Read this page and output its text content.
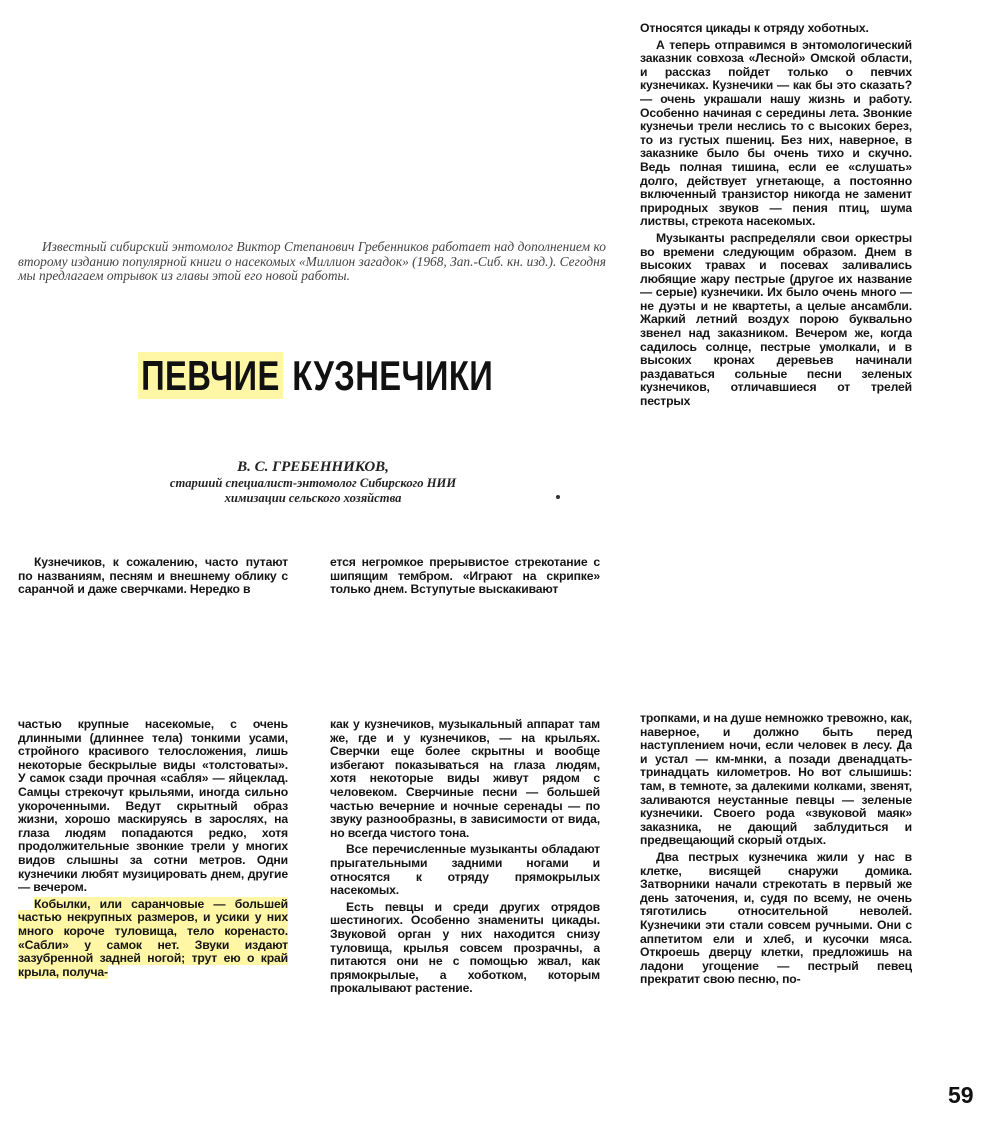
Известный сибирский энтомолог Виктор Степанович Гребенников работает над дополнением ко второму изданию популярной книги о насекомых «Миллион загадок» (1968, Зап.-Сиб. кн. изд.). Сегодня мы предлагаем отрывок из главы этой его новой работы.
ПЕВЧИЕ КУЗНЕЧИКИ
В. С. ГРЕБЕННИКОВ,
старший специалист-энтомолог Сибирского НИИ
химизации сельского хозяйства

Кузнечиков, к сожалению, часто путают по названиям, песням и внешнему облику с саранчой и даже сверчками. Нередко в

ется негромкое прерывистое стрекотание с шипящим тембром. «Играют на скрипке» только днем. Вступутые выскакивают

Относятся цикады к отряду хоботных.

А теперь отправимся в энтомологический заказник совхоза «Лесной» Омской области, и рассказ пойдет только о певчих кузнечиках. Кузнечики — как бы это сказать? — очень украшали нашу жизнь и работу. Особенно начиная с середины лета. Звонкие кузнечьи трели неслись то с высоких берез, то из густых пшениц. Без них, наверное, в заказнике было бы очень тихо и скучно. Ведь полная тишина, если ее «слушать» долго, действует угнетающе, а постоянно включенный транзистор никогда не заменит природных звуков — пения птиц, шума листвы, стрекота насекомых.

Музыканты распределяли свои оркестры во времени следующим образом. Днем в высоких травах и посевах заливались любящие жару пестрые (другое их название — серые) кузнечики. Их было очень много — не дуэты и не квартеты, а целые ансамбли. Жаркий летний воздух порою буквально звенел над заказником. Вечером же, когда садилось солнце, пестрые умолкали, и в высоких кронах деревьев начинали раздаваться сольные песни зеленых кузнечиков, отличавшиеся от трелей пестрых

частью крупные насекомые, с очень длинными (длиннее тела) тонкими усами, стройного красивого телосложения, лишь некоторые бескрылые виды «толстоваты». У самок сзади прочная «сабля» — яйцеклад. Самцы стрекочут крыльями, иногда сильно укороченными. Ведут скрытный образ жизни, хорошо маскируясь в зарослях, на глаза людям попадаются редко, хотя продолжительные звонкие трели у многих видов слышны за сотни метров. Одни кузнечики любят музицировать днем, другие — вечером.

Кобылки, или саранчовые — большей частью некрупных размеров, и усики у них много короче туловища, тело коренасто. «Сабли» у самок нет. Звуки издают зазубренной задней ногой; трут ею о край крыла, получа-

как у кузнечиков, музыкальный аппарат там же, где и у кузнечиков, — на крыльях. Сверчки еще более скрытны и вообще избегают показываться на глаза людям, хотя некоторые виды живут рядом с человеком. Сверчиные песни — большей частью вечерние и ночные серенады — по звуку разнообразны, в зависимости от вида, но всегда чистого тона.

Все перечисленные музыканты обладают прыгательными задними ногами и относятся к отряду прямокрылых насекомых.

Есть певцы и среди других отрядов шестиногих. Особенно знамениты цикады. Звуковой орган у них находится снизу туловища, крылья совсем прозрачны, а питаются они не с помощью жвал, как прямокрылые, а хоботком, которым прокалывают растение.

тропками, и на душе немножко тревожно, как, наверное, и должно быть перед наступлением ночи, если человек в лесу. Да и устал — км-мнки, а позади двенадцать-тринадцать километров. Но вот слышишь: там, в темноте, за далекими колками, звенят, заливаются неустанные певцы — зеленые кузнечики. Своего рода «звуковой маяк» заказника, не дающий заблудиться и предвещающий скорый отдых.

Два пестрых кузнечика жили у нас в клетке, висящей снаружи домика. Затворники начали стрекотать в первый же день заточения, и, судя по всему, не очень тяготились относительной неволей. Кузнечики эти стали совсем ручными. Они с аппетитом ели и хлеб, и кусочки мяса. Откроешь дверцу клетки, предложишь на ладони угощение — пестрый певец прекратит свою песню, по-

59
